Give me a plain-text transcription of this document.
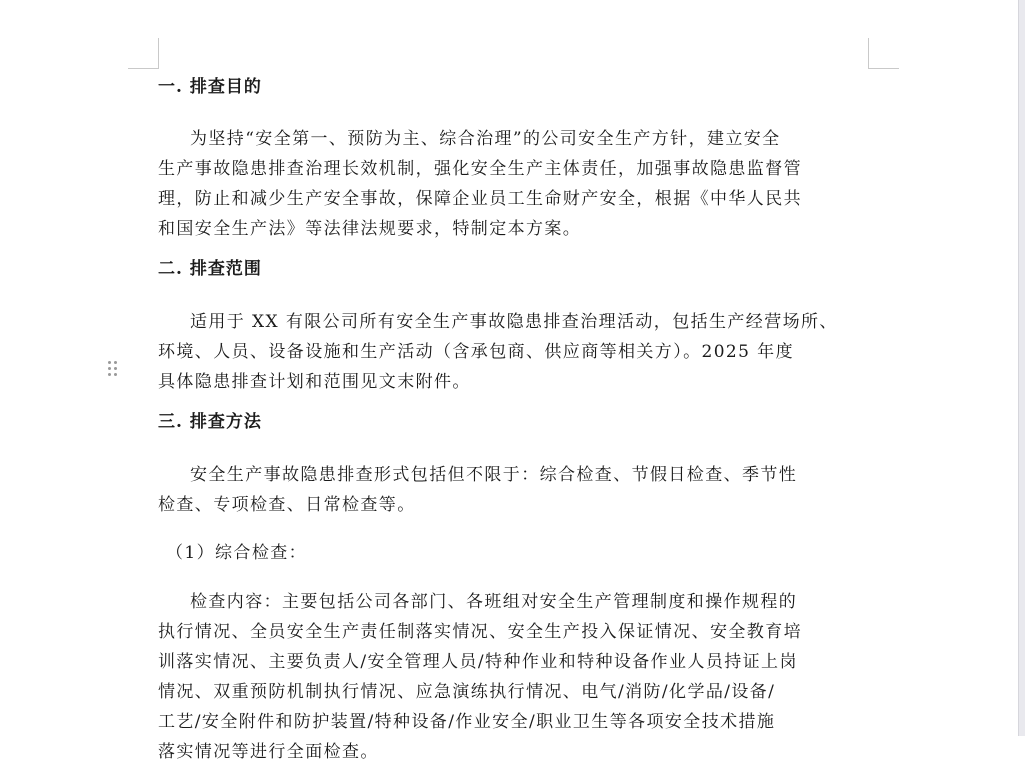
一. 排查目的
为坚持“安全第一、预防为主、综合治理”的公司安全生产方针，建立安全
生产事故隐患排查治理长效机制，强化安全生产主体责任，加强事故隐患监督管
理，防止和减少生产安全事故，保障企业员工生命财产安全，根据《中华人民共
和国安全生产法》等法律法规要求，特制定本方案。
二. 排查范围
适用于 XX 有限公司所有安全生产事故隐患排查治理活动，包括生产经营场所、
环境、人员、设备设施和生产活动（含承包商、供应商等相关方）。2025 年度
具体隐患排查计划和范围见文末附件。
三. 排查方法
安全生产事故隐患排查形式包括但不限于：综合检查、节假日检查、季节性
检查、专项检查、日常检查等。
（1）综合检查：
检查内容：主要包括公司各部门、各班组对安全生产管理制度和操作规程的
执行情况、全员安全生产责任制落实情况、安全生产投入保证情况、安全教育培
训落实情况、主要负责人/安全管理人员/特种作业和特种设备作业人员持证上岗
情况、双重预防机制执行情况、应急演练执行情况、电气/消防/化学品/设备/
工艺/安全附件和防护装置/特种设备/作业安全/职业卫生等各项安全技术措施
落实情况等进行全面检查。
